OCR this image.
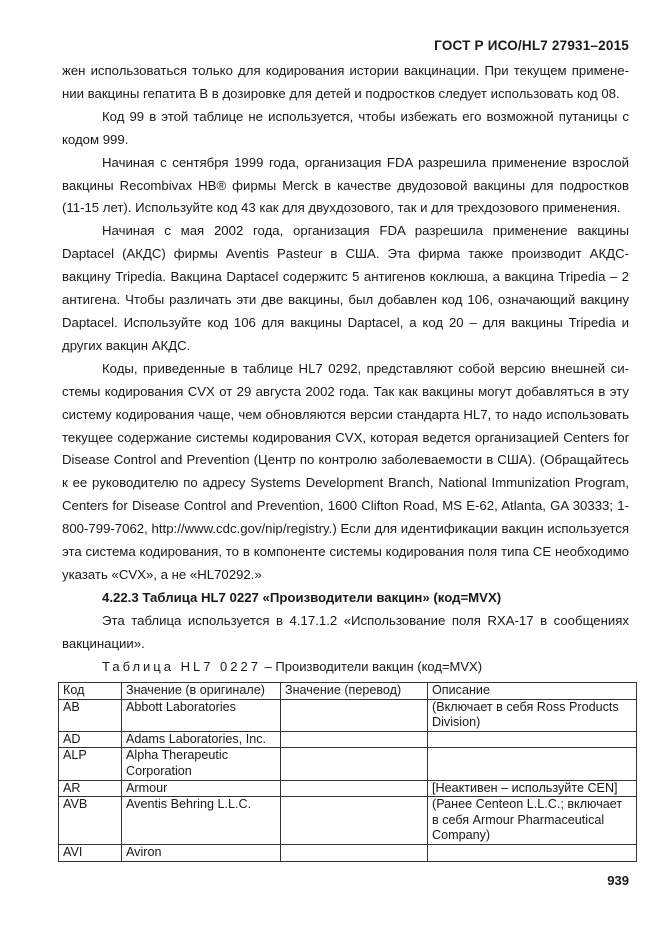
ГОСТ Р ИСО/HL7 27931–2015

жен использоваться только для кодирования истории вакцинации. При текущем применении вакцины гепатита В в дозировке для детей и подростков следует использовать код 08.

Код 99 в этой таблице не используется, чтобы избежать его возможной путаницы с кодом 999.

Начиная с сентября 1999 года, организация FDA разрешила применение взрослой вакцины Recombivax HB® фирмы Merck в качестве двудозовой вакцины для подростков (11-15 лет). Используйте код 43 как для двухдозового, так и для трехдозового применения.

Начиная с мая 2002 года, организация FDA разрешила применение вакцины Daptacel (АКДС) фирмы Aventis Pasteur в США. Эта фирма также производит АКДС-вакцину Tripedia. Вакцина Daptacel содержитс 5 антигенов коклюша, а вакцина Tripedia – 2 антигена. Чтобы различать эти две вакцины, был добавлен код 106, означающий вакцину Daptacel. Используйте код 106 для вакцины Daptacel, а код 20 – для вакцины Tripedia и других вакцин АКДС.

Коды, приведенные в таблице HL7 0292, представляют собой версию внешней системы кодирования CVX от 29 августа 2002 года. Так как вакцины могут добавляться в эту систему кодирования чаще, чем обновляются версии стандарта HL7, то надо использовать текущее содержание системы кодирования CVX, которая ведется организацией Centers for Disease Control and Prevention (Центр по контролю заболеваемости в США). (Обращайтесь к ее руководителю по адресу Systems Development Branch, National Immunization Program, Centers for Disease Control and Prevention, 1600 Clifton Road, MS E-62, Atlanta, GA 30333; 1-800-799-7062, http://www.cdc.gov/nip/registry.) Если для идентификации вакцин используется эта система кодирования, то в компоненте системы кодирования поля типа CE необходимо указать «CVX», а не «HL70292.»

4.22.3 Таблица HL7 0227 «Производители вакцин» (код=MVX)

Эта таблица используется в 4.17.1.2 «Использование поля RXA-17 в сообщениях вакцинации».

Таблица HL7 0227 – Производители вакцин (код=MVX)
Код	Значение (в оригинале)	Значение (перевод)	Описание
AB	Abbott Laboratories		(Включает в себя Ross Products Division)
AD	Adams Laboratories, Inc.		
ALP	Alpha Therapeutic Corporation		
AR	Armour		[Неактивен – используйте CEN]
AVB	Aventis Behring L.L.C.		(Ранее Centeon L.L.C.; включает в себя Armour Pharmaceutical Company)
AVI	Aviron		
939
